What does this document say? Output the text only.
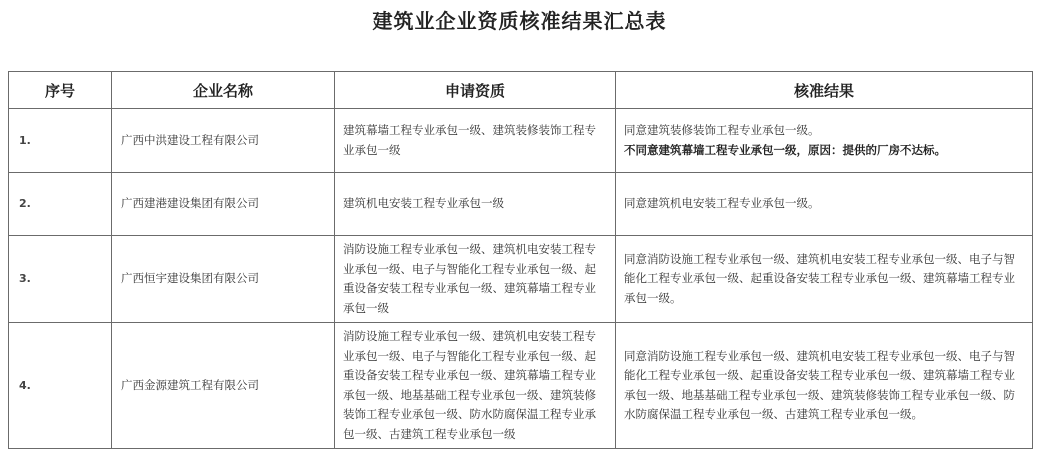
建筑业企业资质核准结果汇总表
序号	企业名称	申请资质	核准结果
1.	广西中洪建设工程有限公司	建筑幕墙工程专业承包一级、建筑装修装饰工程专业承包一级	同意建筑装修装饰工程专业承包一级。
不同意建筑幕墙工程专业承包一级，原因：提供的厂房不达标。

2.	广西建港建设集团有限公司	建筑机电安装工程专业承包一级	同意建筑机电安装工程专业承包一级。
3.	广西恒宇建设集团有限公司	消防设施工程专业承包一级、建筑机电安装工程专业承包一级、电子与智能化工程专业承包一级、起重设备安装工程专业承包一级、建筑幕墙工程专业承包一级	同意消防设施工程专业承包一级、建筑机电安装工程专业承包一级、电子与智能化工程专业承包一级、起重设备安装工程专业承包一级、建筑幕墙工程专业承包一级。
4.	广西金源建筑工程有限公司	消防设施工程专业承包一级、建筑机电安装工程专业承包一级、电子与智能化工程专业承包一级、起重设备安装工程专业承包一级、建筑幕墙工程专业承包一级、地基基础工程专业承包一级、建筑装修装饰工程专业承包一级、防水防腐保温工程专业承包一级、古建筑工程专业承包一级	同意消防设施工程专业承包一级、建筑机电安装工程专业承包一级、电子与智能化工程专业承包一级、起重设备安装工程专业承包一级、建筑幕墙工程专业承包一级、地基基础工程专业承包一级、建筑装修装饰工程专业承包一级、防水防腐保温工程专业承包一级、古建筑工程专业承包一级。
